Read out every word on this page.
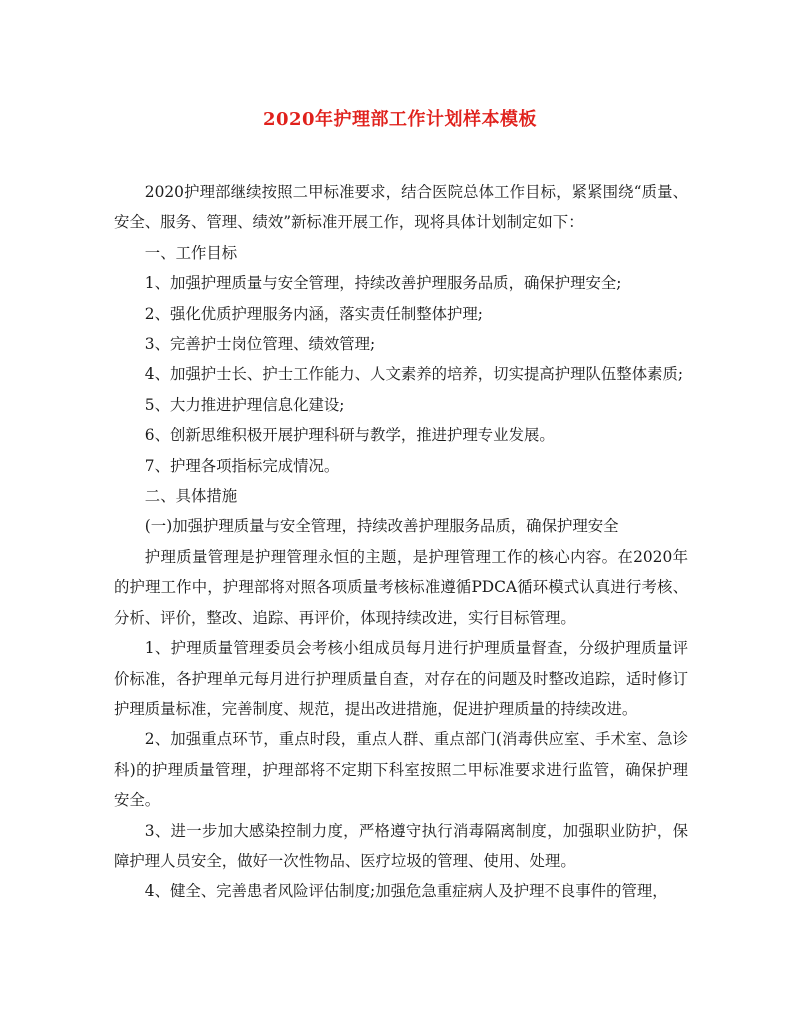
2020年护理部工作计划样本模板

2020护理部继续按照二甲标准要求，结合医院总体工作目标，紧紧围绕“质量、安全、服务、管理、绩效”新标准开展工作，现将具体计划制定如下：

一、工作目标

1、加强护理质量与安全管理，持续改善护理服务品质，确保护理安全;

2、强化优质护理服务内涵，落实责任制整体护理;

3、完善护士岗位管理、绩效管理;

4、加强护士长、护士工作能力、人文素养的培养，切实提高护理队伍整体素质;

5、大力推进护理信息化建设;

6、创新思维积极开展护理科研与教学，推进护理专业发展。

7、护理各项指标完成情况。

二、具体措施

(一)加强护理质量与安全管理，持续改善护理服务品质，确保护理安全

护理质量管理是护理管理永恒的主题，是护理管理工作的核心内容。在2020年的护理工作中，护理部将对照各项质量考核标准遵循PDCA循环模式认真进行考核、分析、评价，整改、追踪、再评价，体现持续改进，实行目标管理。

1、护理质量管理委员会考核小组成员每月进行护理质量督查，分级护理质量评价标准，各护理单元每月进行护理质量自查，对存在的问题及时整改追踪，适时修订护理质量标准，完善制度、规范，提出改进措施，促进护理质量的持续改进。

2、加强重点环节，重点时段，重点人群、重点部门(消毒供应室、手术室、急诊科)的护理质量管理，护理部将不定期下科室按照二甲标准要求进行监管，确保护理安全。

3、进一步加大感染控制力度，严格遵守执行消毒隔离制度，加强职业防护，保障护理人员安全，做好一次性物品、医疗垃圾的管理、使用、处理。

4、健全、完善患者风险评估制度;加强危急重症病人及护理不良事件的管理，
